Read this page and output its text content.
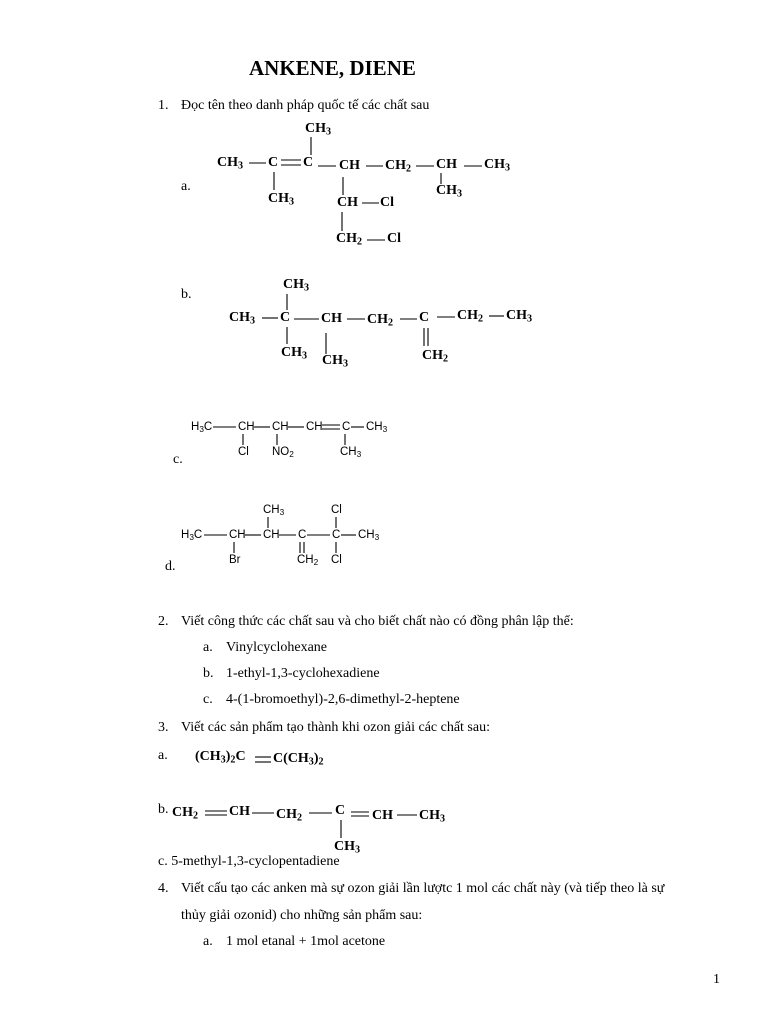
ANKENE, DIENE
1. Đọc tên theo danh pháp quốc tế các chất sau
a.
$CH_3$
$CH_3$ C C CH $CH_2$ CH $CH_3$
$CH_3$
$CH_3$
CH Cl
$CH_2$ Cl
b.
$CH_3$
$CH_3$ C CH $CH_2$ C $CH_2$ $CH_3$
$CH_3$ $CH_3$
$CH_2$
c.
$H_3C$ CH CH CH C $CH_3$
Cl $NO_2$	$CH_3$
d.
$CH_3$	Cl
$H_3C$ CH CH C C $CH_3$
Br	$CH_2$ Cl
2. Viết công thức các chất sau và cho biết chất nào có đồng phân lập thể:
a. Vinylcyclohexane
b. 1-ethyl-1,3-cyclohexadiene
c. 4-(1-bromoethyl)-2,6-dimethyl-2-heptene
3. Viết các sản phẩm tạo thành khi ozon giải các chất sau:
a. $(CH_3)_2C$ $C(CH_3)_2$
b. $CH_2$ CH $CH_2$
C CH $CH_3$
$CH_3$
c. 5-methyl-1,3-cyclopentadiene
4. Viết cấu tạo các anken mà sự ozon giải lần lượtc 1 mol các chất này (và tiếp theo là sự
thủy giải ozonid) cho những sản phẩm sau:
a. 1 mol etanal + 1mol acetone
1
